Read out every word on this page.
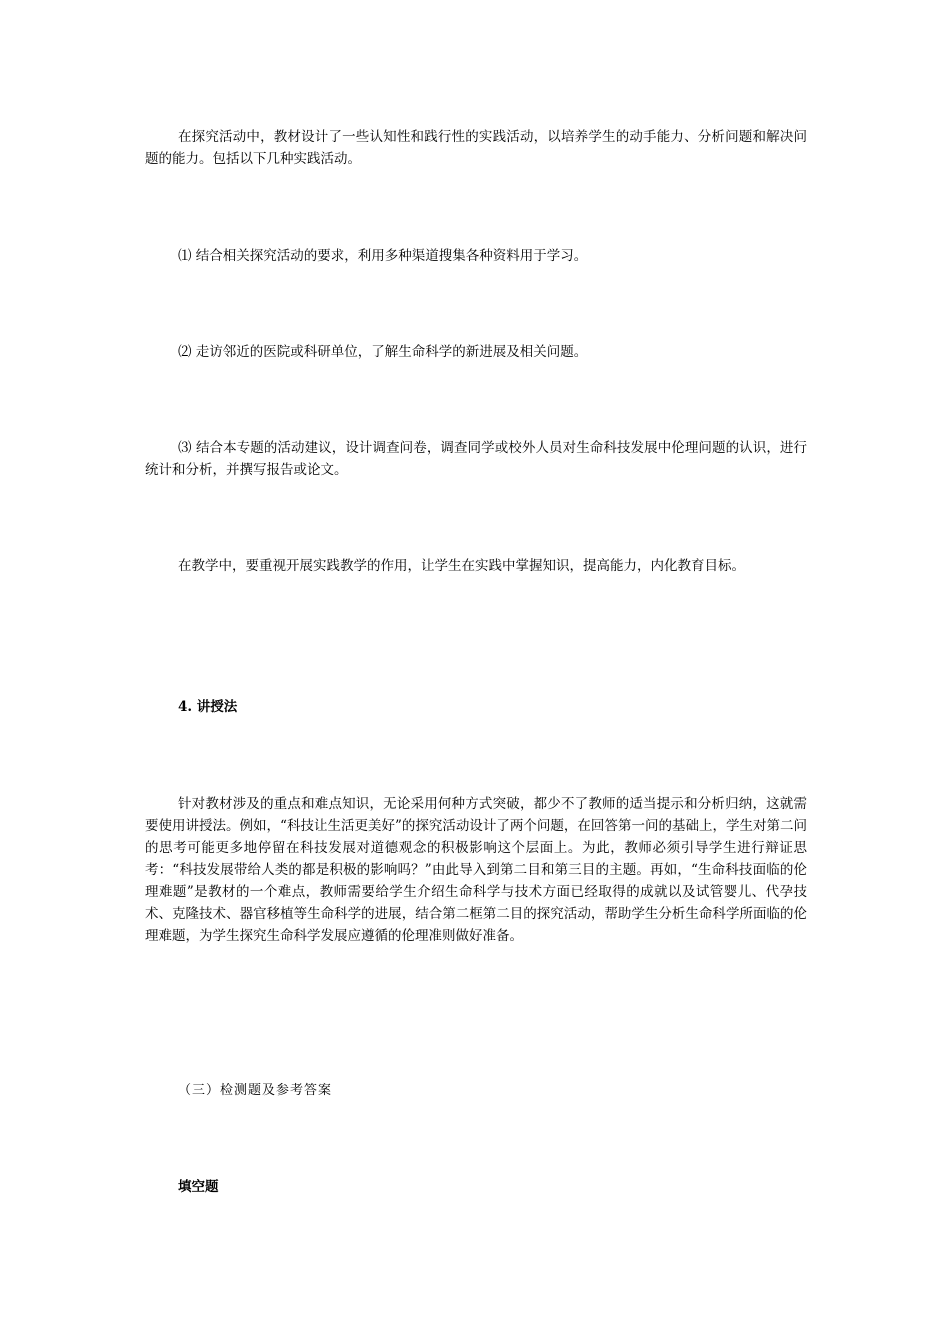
在探究活动中，教材设计了一些认知性和践行性的实践活动，以培养学生的动手能力、分析问题和解决问题的能力。包括以下几种实践活动。

⑴ 结合相关探究活动的要求，利用多种渠道搜集各种资料用于学习。

⑵ 走访邻近的医院或科研单位，了解生命科学的新进展及相关问题。

⑶ 结合本专题的活动建议，设计调查问卷，调查同学或校外人员对生命科技发展中伦理问题的认识，进行统计和分析，并撰写报告或论文。

在教学中，要重视开展实践教学的作用，让学生在实践中掌握知识，提高能力，内化教育目标。

4. 讲授法

针对教材涉及的重点和难点知识，无论采用何种方式突破，都少不了教师的适当提示和分析归纳，这就需要使用讲授法。例如，“科技让生活更美好”的探究活动设计了两个问题，在回答第一问的基础上，学生对第二问的思考可能更多地停留在科技发展对道德观念的积极影响这个层面上。为此，教师必须引导学生进行辩证思考：“科技发展带给人类的都是积极的影响吗？”由此导入到第二目和第三目的主题。再如，“生命科技面临的伦理难题”是教材的一个难点，教师需要给学生介绍生命科学与技术方面已经取得的成就以及试管婴儿、代孕技术、克隆技术、器官移植等生命科学的进展，结合第二框第二目的探究活动，帮助学生分析生命科学所面临的伦理难题，为学生探究生命科学发展应遵循的伦理准则做好准备。

（三）检测题及参考答案

填空题
